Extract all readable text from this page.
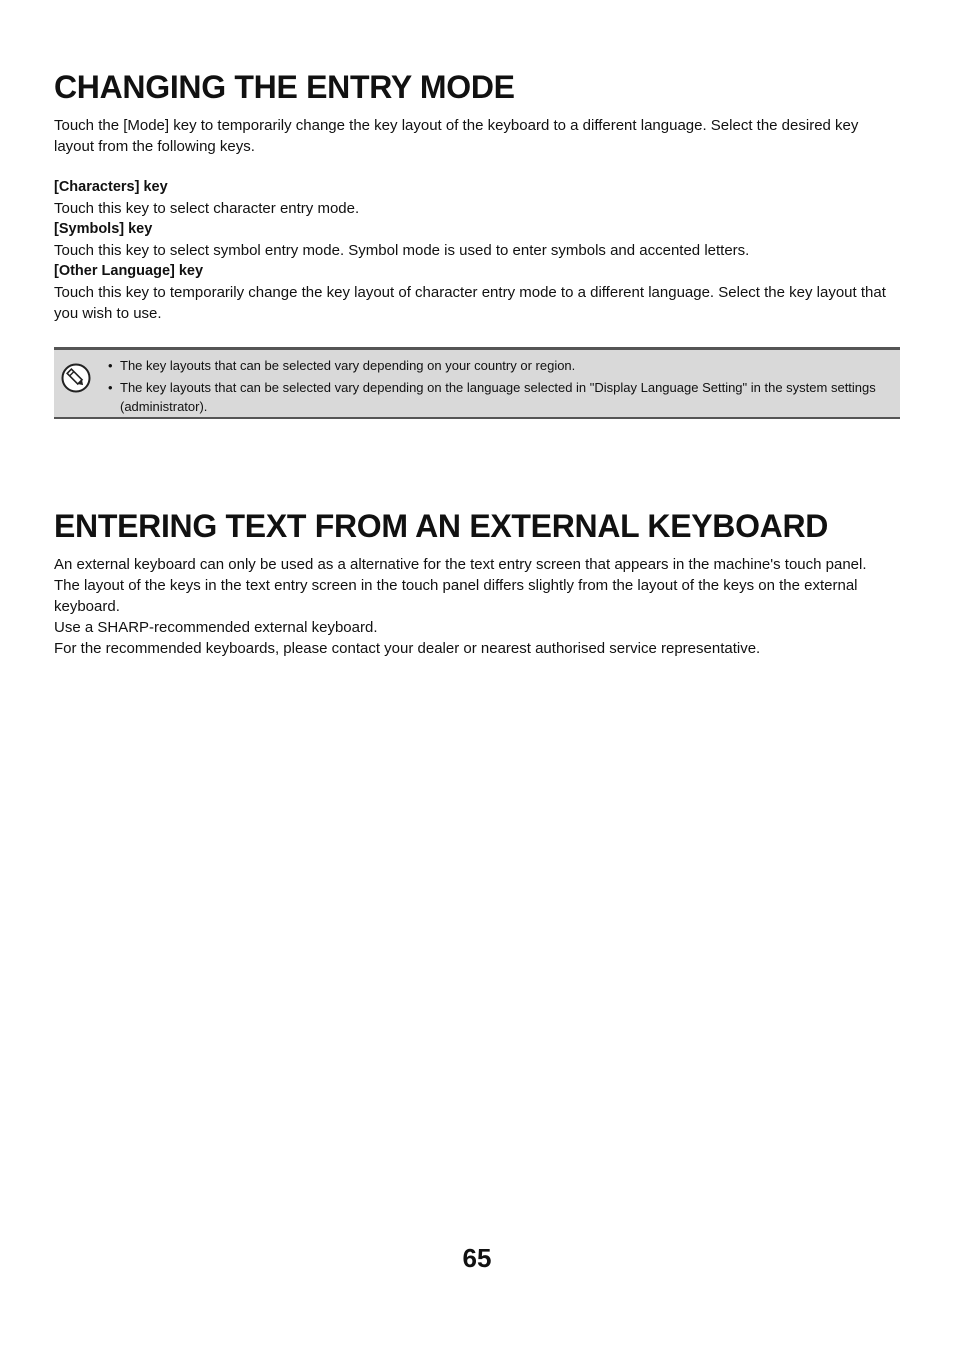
CHANGING THE ENTRY MODE

Touch the [Mode] key to temporarily change the key layout of the keyboard to a different language. Select the desired key layout from the following keys.

[Characters] key

Touch this key to select character entry mode.

[Symbols] key

Touch this key to select symbol entry mode. Symbol mode is used to enter symbols and accented letters.

[Other Language] key

Touch this key to temporarily change the key layout of character entry mode to a different language. Select the key layout that you wish to use.

• The key layouts that can be selected vary depending on your country or region.
• The key layouts that can be selected vary depending on the language selected in "Display Language Setting" in the system settings (administrator).
ENTERING TEXT FROM AN EXTERNAL KEYBOARD

An external keyboard can only be used as a alternative for the text entry screen that appears in the machine's touch panel.

The layout of the keys in the text entry screen in the touch panel differs slightly from the layout of the keys on the external keyboard.

Use a SHARP-recommended external keyboard.

For the recommended keyboards, please contact your dealer or nearest authorised service representative.

65
